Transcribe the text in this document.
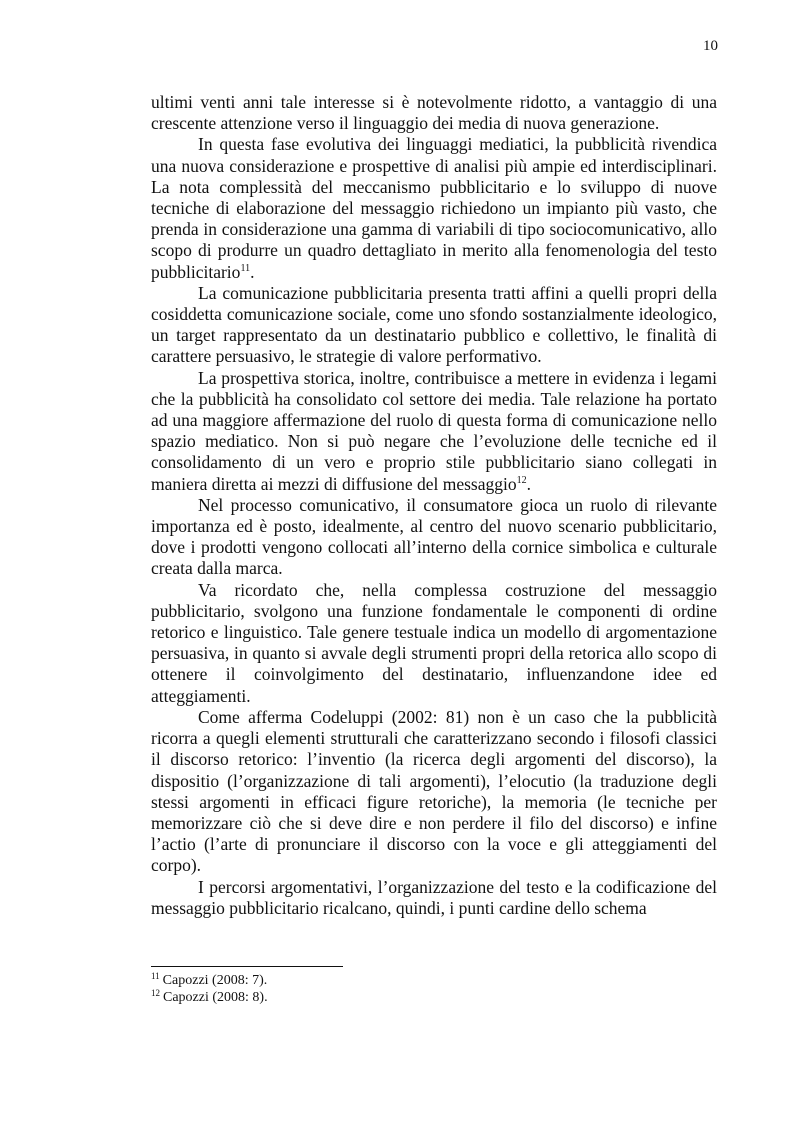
10

ultimi venti anni tale interesse si è notevolmente ridotto, a vantaggio di una crescente attenzione verso il linguaggio dei media di nuova generazione.

In questa fase evolutiva dei linguaggi mediatici, la pubblicità rivendica una nuova considerazione e prospettive di analisi più ampie ed interdisciplinari. La nota complessità del meccanismo pubblicitario e lo sviluppo di nuove tecniche di elaborazione del messaggio richiedono un impianto più vasto, che prenda in considerazione una gamma di variabili di tipo sociocomunicativo, allo scopo di produrre un quadro dettagliato in merito alla fenomenologia del testo pubblicitario$^{11}$.

La comunicazione pubblicitaria presenta tratti affini a quelli propri della cosiddetta comunicazione sociale, come uno sfondo sostanzialmente ideologico, un target rappresentato da un destinatario pubblico e collettivo, le finalità di carattere persuasivo, le strategie di valore performativo.

La prospettiva storica, inoltre, contribuisce a mettere in evidenza i legami che la pubblicità ha consolidato col settore dei media. Tale relazione ha portato ad una maggiore affermazione del ruolo di questa forma di comunicazione nello spazio mediatico. Non si può negare che l’evoluzione delle tecniche ed il consolidamento di un vero e proprio stile pubblicitario siano collegati in maniera diretta ai mezzi di diffusione del messaggio$^{12}$.

Nel processo comunicativo, il consumatore gioca un ruolo di rilevante importanza ed è posto, idealmente, al centro del nuovo scenario pubblicitario, dove i prodotti vengono collocati all’interno della cornice simbolica e culturale creata dalla marca.

Va ricordato che, nella complessa costruzione del messaggio pubblicitario, svolgono una funzione fondamentale le componenti di ordine retorico e linguistico. Tale genere testuale indica un modello di argomentazione persuasiva, in quanto si avvale degli strumenti propri della retorica allo scopo di ottenere il coinvolgimento del destinatario, influenzandone idee ed atteggiamenti.

Come afferma Codeluppi (2002: 81) non è un caso che la pubblicità ricorra a quegli elementi strutturali che caratterizzano secondo i filosofi classici il discorso retorico: l’inventio (la ricerca degli argomenti del discorso), la dispositio (l’organizzazione di tali argomenti), l’elocutio (la traduzione degli stessi argomenti in efficaci figure retoriche), la memoria (le tecniche per memorizzare ciò che si deve dire e non perdere il filo del discorso) e infine l’actio (l’arte di pronunciare il discorso con la voce e gli atteggiamenti del corpo).

I percorsi argomentativi, l’organizzazione del testo e la codificazione del messaggio pubblicitario ricalcano, quindi, i punti cardine dello schema

$^{11}$ Capozzi (2008: 7).
$^{12}$ Capozzi (2008: 8).
